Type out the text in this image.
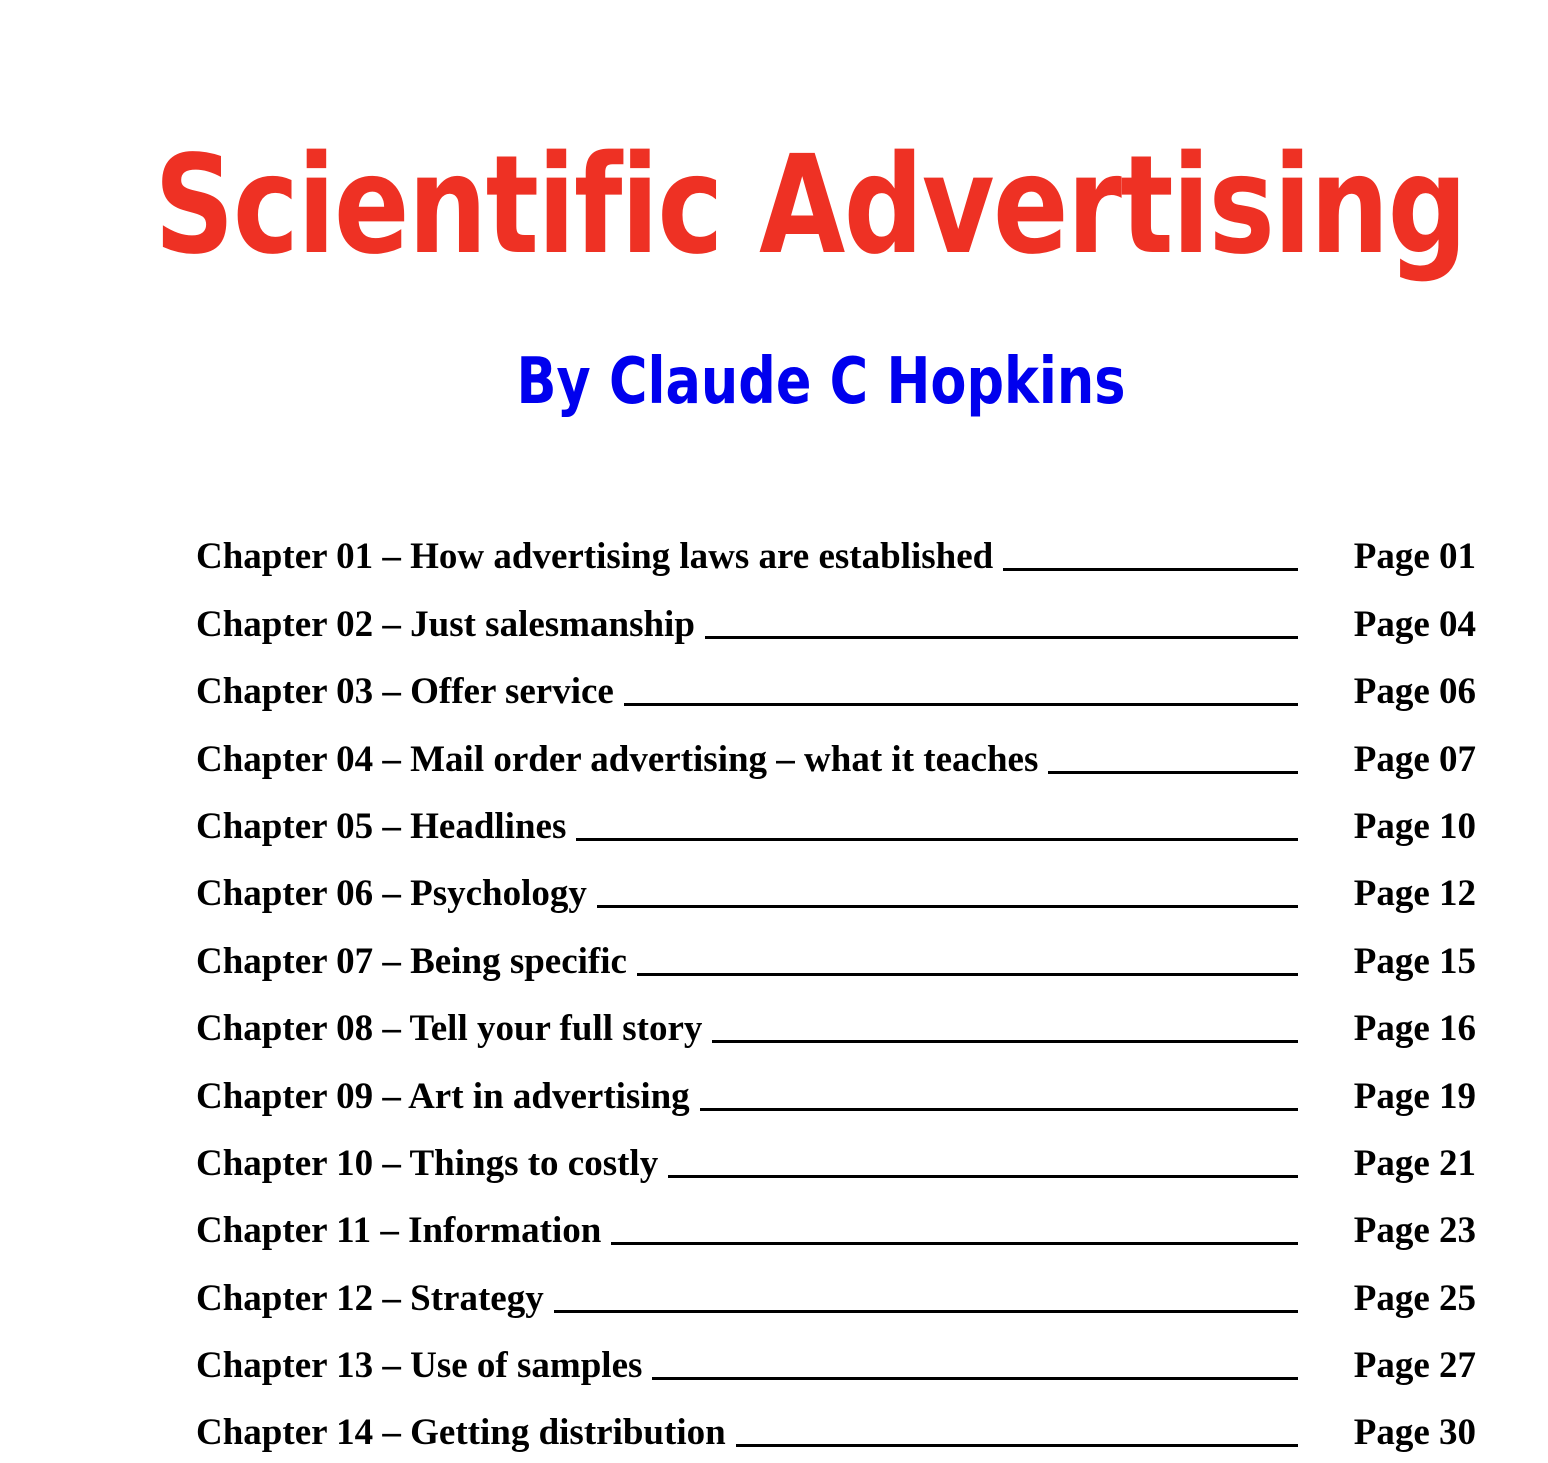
Scientific Advertising
By Claude C Hopkins
Chapter 01 – How advertising laws are established	Page 01
Chapter 02 – Just salesmanship	Page 04
Chapter 03 – Offer service	Page 06
Chapter 04 – Mail order advertising – what it teaches	Page 07
Chapter 05 – Headlines	Page 10
Chapter 06 – Psychology	Page 12
Chapter 07 – Being specific	Page 15
Chapter 08 – Tell your full story	Page 16
Chapter 09 – Art in advertising	Page 19
Chapter 10 – Things to costly	Page 21
Chapter 11 – Information	Page 23
Chapter 12 – Strategy	Page 25
Chapter 13 – Use of samples	Page 27
Chapter 14 – Getting distribution	Page 30
